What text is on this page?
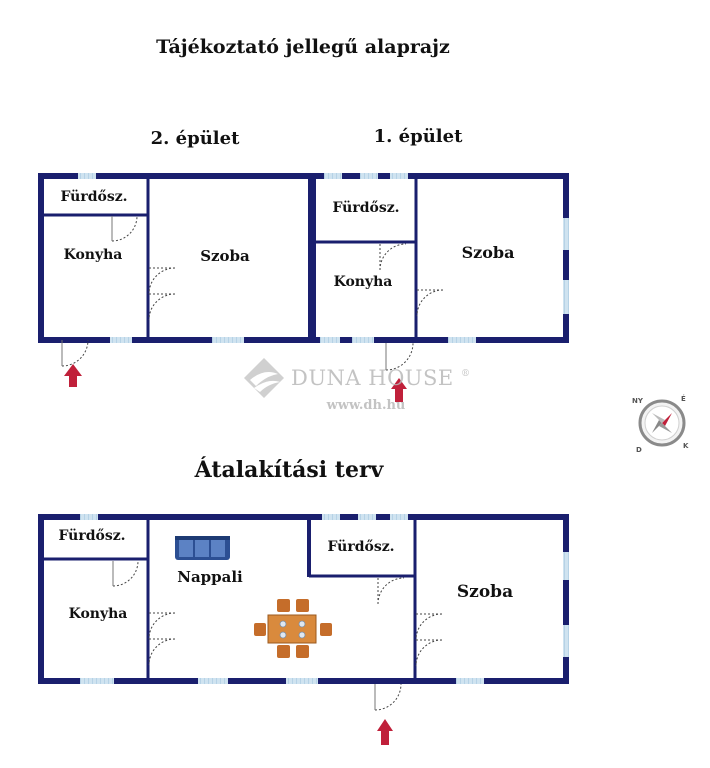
Tájékoztató jellegű alaprajz
2. épület	1. épület
Átalakítási terv
Fürdősz.
Konyha	Szoba
Fürdősz.
Konyha
Szoba
DUNA HOUSE ®
www.dh.hu	NY	É
D	K
Fürdősz.
Konyha
Nappali
Fürdősz.
Szoba
